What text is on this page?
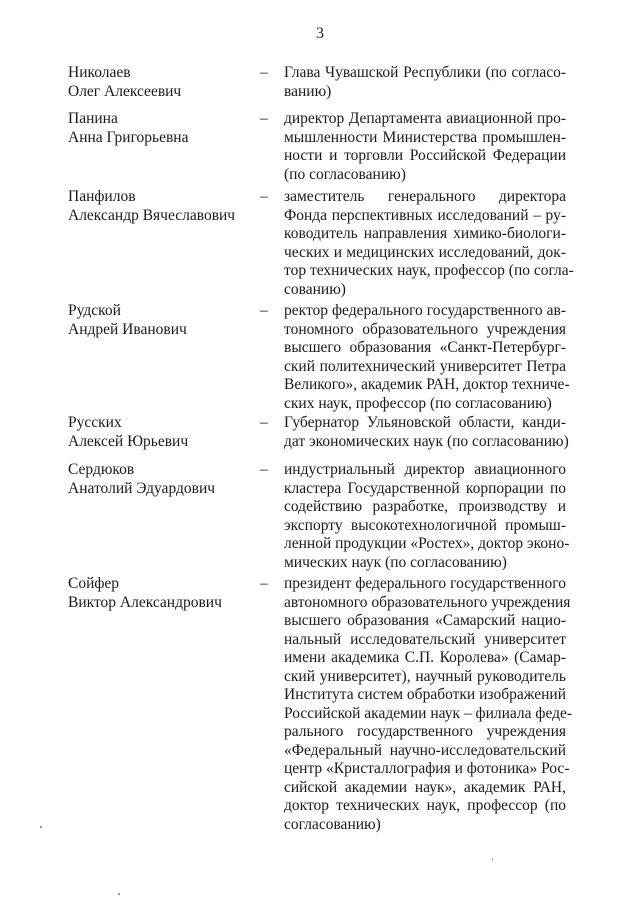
3
Николаев
Олег Алексеевич
– Глава Чувашской Республики (по согласо-
ванию)
Панина
Анна Григорьевна
– директор Департамента авиационной про-
мышленности Министерства промышлен-
ности и торговли Российской Федерации
(по согласованию)
Панфилов
Александр Вячеславович
– заместитель генерального директора
Фонда перспективных исследований – ру-
ководитель направления химико-биологи-
ческих и медицинских исследований, док-
тор технических наук, профессор (по согла-
сованию)
Рудской
Андрей Иванович
– ректор федерального государственного ав-
тономного образовательного учреждения
высшего образования «Санкт-Петербург-
ский политехнический университет Петра
Великого», академик РАН, доктор техниче-
ских наук, профессор (по согласованию)
Русских
Алексей Юрьевич
– Губернатор Ульяновской области, канди-
дат экономических наук (по согласованию)
Сердюков
Анатолий Эдуардович
– индустриальный директор авиационного
кластера Государственной корпорации по
содействию разработке, производству и
экспорту высокотехнологичной промыш-
ленной продукции «Ростех», доктор эконо-
мических наук (по согласованию)
Сойфер
Виктор Александрович
– президент федерального государственного
автономного образовательного учреждения
высшего образования «Самарский нацио-
нальный исследовательский университет
имени академика С.П. Королева» (Самар-
ский университет), научный руководитель
Института систем обработки изображений
Российской академии наук – филиала феде-
рального государственного учреждения
«Федеральный научно-исследовательский
центр «Кристаллография и фотоника» Рос-
сийской академии наук», академик РАН,
доктор технических наук, профессор (по
согласованию)
